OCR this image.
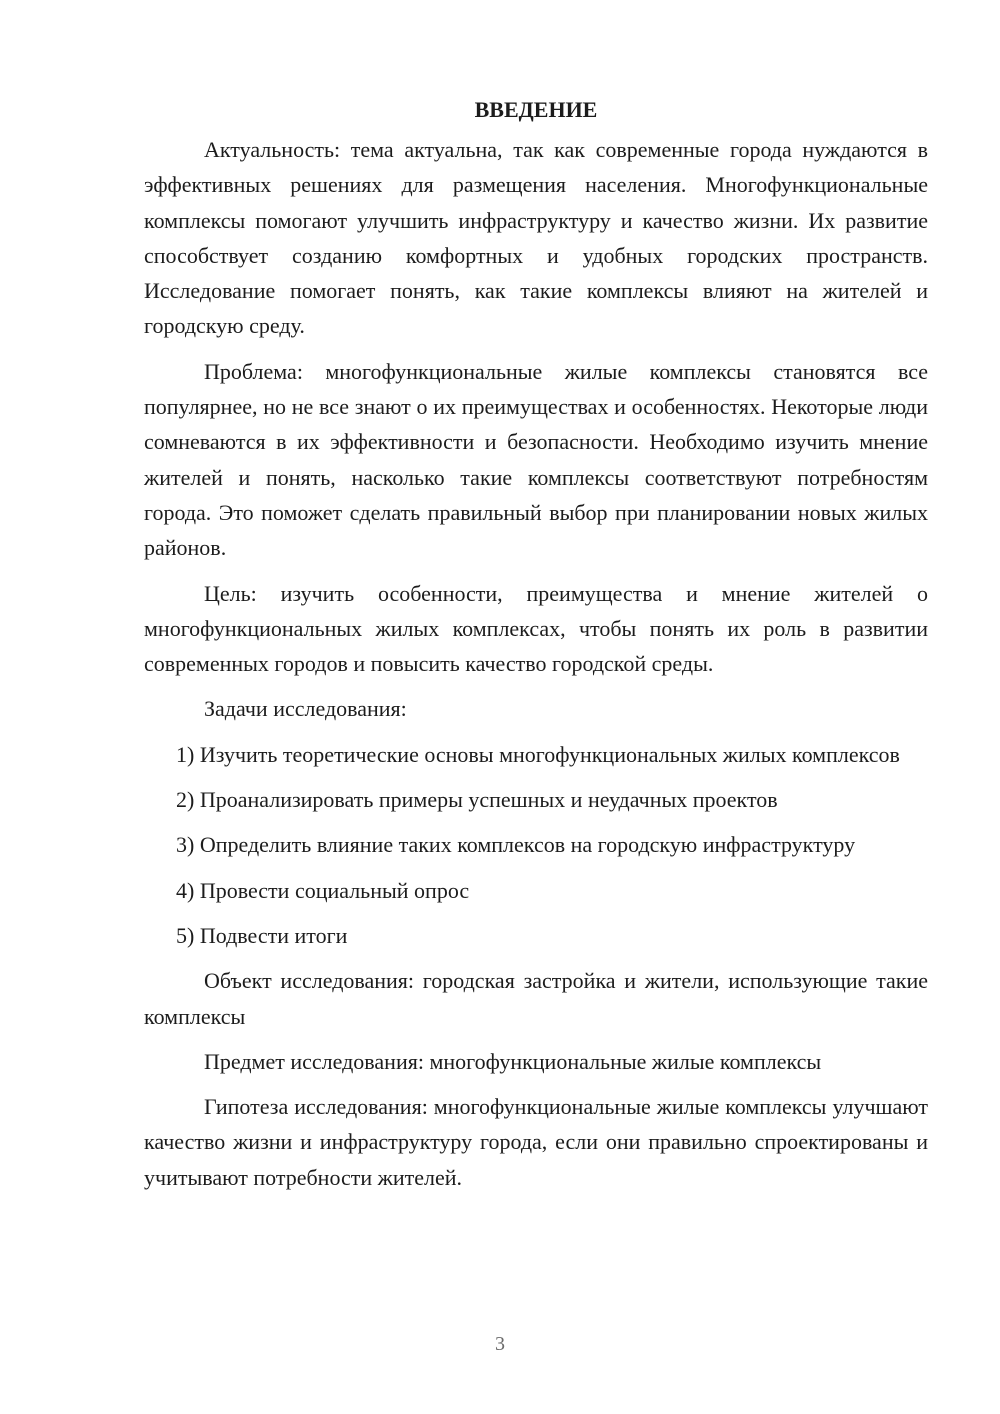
ВВЕДЕНИЕ

Актуальность: тема актуальна, так как современные города нуждаются в эффективных решениях для размещения населения. Многофункциональные комплексы помогают улучшить инфраструктуру и качество жизни. Их развитие способствует созданию комфортных и удобных городских пространств. Исследование помогает понять, как такие комплексы влияют на жителей и городскую среду.

Проблема: многофункциональные жилые комплексы становятся все популярнее, но не все знают о их преимуществах и особенностях. Некоторые люди сомневаются в их эффективности и безопасности. Необходимо изучить мнение жителей и понять, насколько такие комплексы соответствуют потребностям города. Это поможет сделать правильный выбор при планировании новых жилых районов.

Цель: изучить особенности, преимущества и мнение жителей о многофункциональных жилых комплексах, чтобы понять их роль в развитии современных городов и повысить качество городской среды.

Задачи исследования:

1) Изучить теоретические основы многофункциональных жилых комплексов

2) Проанализировать примеры успешных и неудачных проектов

3) Определить влияние таких комплексов на городскую инфраструктуру

4) Провести социальный опрос

5) Подвести итоги

Объект исследования: городская застройка и жители, использующие такие комплексы

Предмет исследования: многофункциональные жилые комплексы

Гипотеза исследования: многофункциональные жилые комплексы улучшают качество жизни и инфраструктуру города, если они правильно спроектированы и учитывают потребности жителей.

3
